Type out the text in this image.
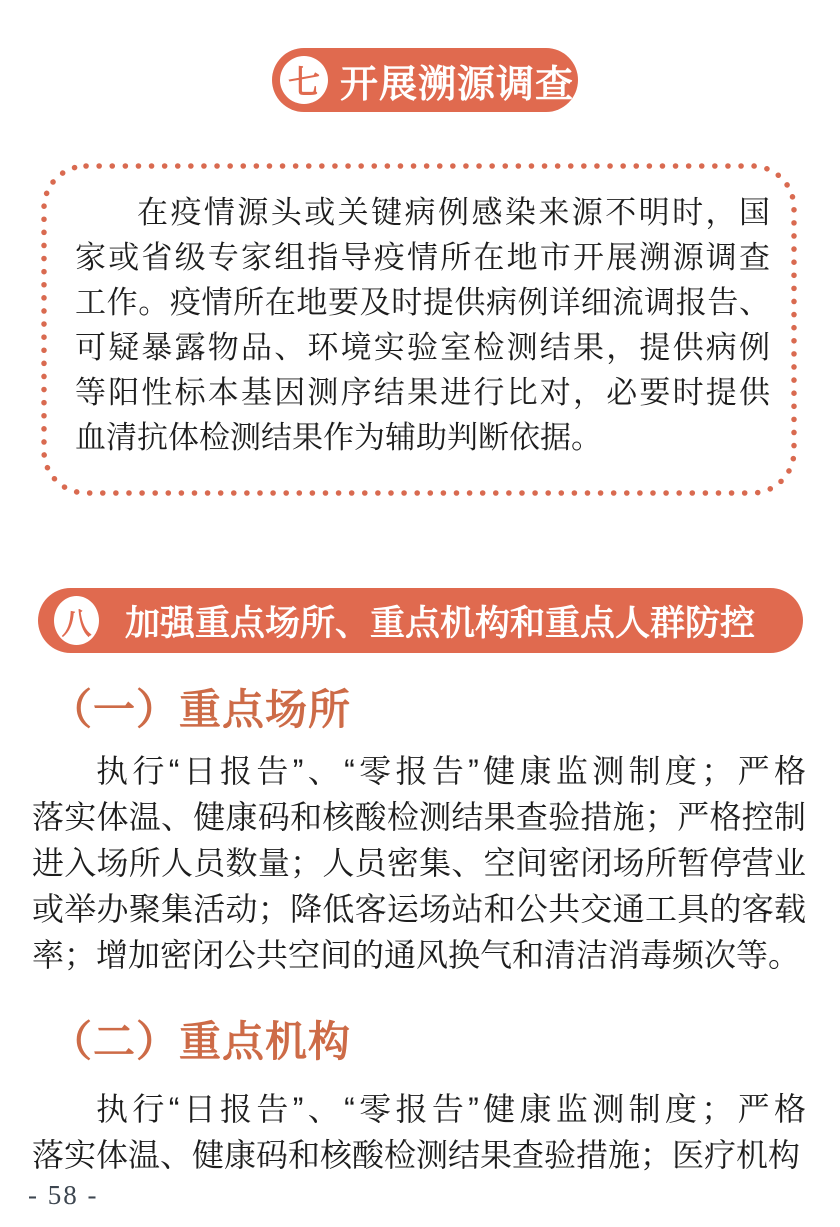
七 开展溯源调查
在疫情源头或关键病例感染来源不明时，国
家或省级专家组指导疫情所在地市开展溯源调查
工作。疫情所在地要及时提供病例详细流调报告、
可疑暴露物品、环境实验室检测结果，提供病例
等阳性标本基因测序结果进行比对，必要时提供
血清抗体检测结果作为辅助判断依据。
八 加强重点场所、重点机构和重点人群防控
（一）重点场所
执行“日报告”、“零报告”健康监测制度；严格
落实体温、健康码和核酸检测结果查验措施；严格控制
进入场所人员数量；人员密集、空间密闭场所暂停营业
或举办聚集活动；降低客运场站和公共交通工具的客载
率；增加密闭公共空间的通风换气和清洁消毒频次等。
（二）重点机构
执行“日报告”、“零报告”健康监测制度；严格
落实体温、健康码和核酸检测结果查验措施；医疗机构
- 58 -
